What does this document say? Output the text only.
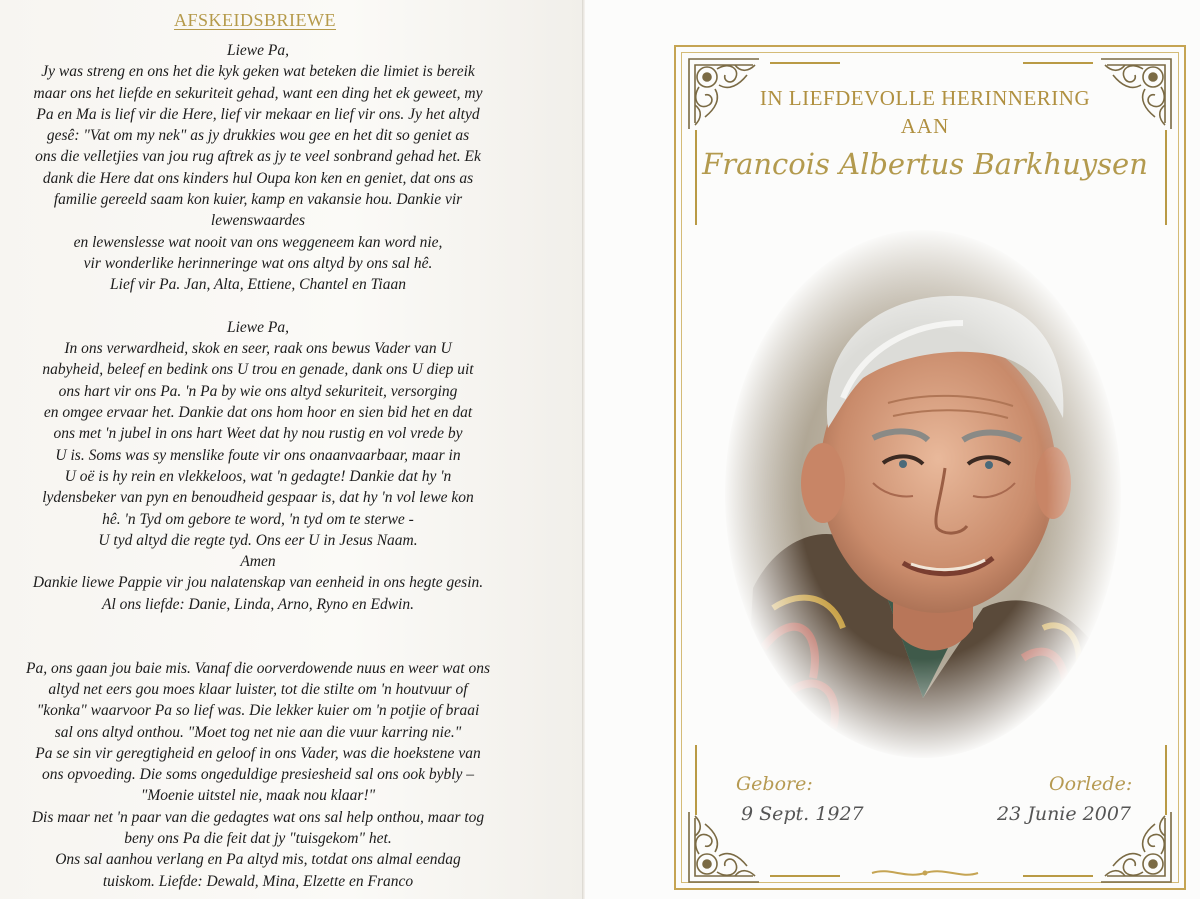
AFSKEIDSBRIEWE
Liewe Pa,
Jy was streng en ons het die kyk geken wat beteken die limiet is bereik
maar ons het liefde en sekuriteit gehad, want een ding het ek geweet, my
Pa en Ma is lief vir die Here, lief vir mekaar en lief vir ons. Jy het altyd
gesê: "Vat om my nek" as jy drukkies wou gee en het dit so geniet as
ons die velletjies van jou rug aftrek as jy te veel sonbrand gehad het. Ek
dank die Here dat ons kinders hul Oupa kon ken en geniet, dat ons as
familie gereeld saam kon kuier, kamp en vakansie hou. Dankie vir
lewenswaardes
en lewenslesse wat nooit van ons weggeneem kan word nie,
vir wonderlike herinneringe wat ons altyd by ons sal hê.
Lief vir Pa. Jan, Alta, Ettiene, Chantel en Tiaan
Liewe Pa,
In ons verwardheid, skok en seer, raak ons bewus Vader van U
nabyheid, beleef en bedink ons U trou en genade, dank ons U diep uit
ons hart vir ons Pa. 'n Pa by wie ons altyd sekuriteit, versorging
en omgee ervaar het. Dankie dat ons hom hoor en sien bid het en dat
ons met 'n jubel in ons hart Weet dat hy nou rustig en vol vrede by
U is. Soms was sy menslike foute vir ons onaanvaarbaar, maar in
U oë is hy rein en vlekkeloos, wat 'n gedagte! Dankie dat hy 'n
lydensbeker van pyn en benoudheid gespaar is, dat hy 'n vol lewe kon
hê. 'n Tyd om gebore te word, 'n tyd om te sterwe -
U tyd altyd die regte tyd. Ons eer U in Jesus Naam.
Amen
Dankie liewe Pappie vir jou nalatenskap van eenheid in ons hegte gesin.
Al ons liefde: Danie, Linda, Arno, Ryno en Edwin.
Pa, ons gaan jou baie mis. Vanaf die oorverdowende nuus en weer wat ons
altyd net eers gou moes klaar luister, tot die stilte om 'n houtvuur of
"konka" waarvoor Pa so lief was. Die lekker kuier om 'n potjie of braai
sal ons altyd onthou. "Moet tog net nie aan die vuur karring nie."
Pa se sin vir geregtigheid en geloof in ons Vader, was die hoekstene van
ons opvoeding. Die soms ongeduldige presiesheid sal ons ook bybly –
"Moenie uitstel nie, maak nou klaar!"
Dis maar net 'n paar van die gedagtes wat ons sal help onthou, maar tog
beny ons Pa die feit dat jy "tuisgekom" het.
Ons sal aanhou verlang en Pa altyd mis, totdat ons almal eendag
tuiskom. Liefde: Dewald, Mina, Elzette en Franco
IN LIEFDEVOLLE HERINNERING
AAN
Francois Albertus Barkhuysen
Gebore:
9 Sept. 1927
Oorlede:
23 Junie 2007
